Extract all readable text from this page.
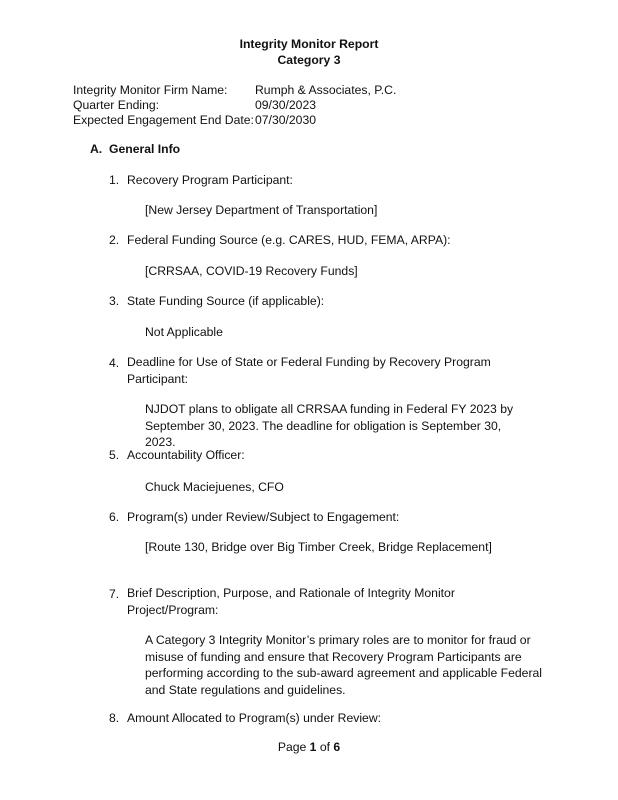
Integrity Monitor Report
Category 3
Integrity Monitor Firm Name: Rumph & Associates, P.C.
Quarter Ending:	09/30/2023
Expected Engagement End Date: 07/30/2030
A. General Info
1. Recovery Program Participant:
[New Jersey Department of Transportation]
2. Federal Funding Source (e.g. CARES, HUD, FEMA, ARPA):
[CRRSAA, COVID-19 Recovery Funds]
3. State Funding Source (if applicable):
Not Applicable
4. Deadline for Use of State or Federal Funding by Recovery Program Participant:

NJDOT plans to obligate all CRRSAA funding in Federal FY 2023 by September 30, 2023. The deadline for obligation is September 30, 2023.

5. Accountability Officer:
Chuck Maciejuenes, CFO
6. Program(s) under Review/Subject to Engagement:
[Route 130, Bridge over Big Timber Creek, Bridge Replacement]
7. Brief Description, Purpose, and Rationale of Integrity Monitor Project/Program:

A Category 3 Integrity Monitor’s primary roles are to monitor for fraud or misuse of funding and ensure that Recovery Program Participants are performing according to the sub-award agreement and applicable Federal and State regulations and guidelines.

8. Amount Allocated to Program(s) under Review:
Page 1 of 6
